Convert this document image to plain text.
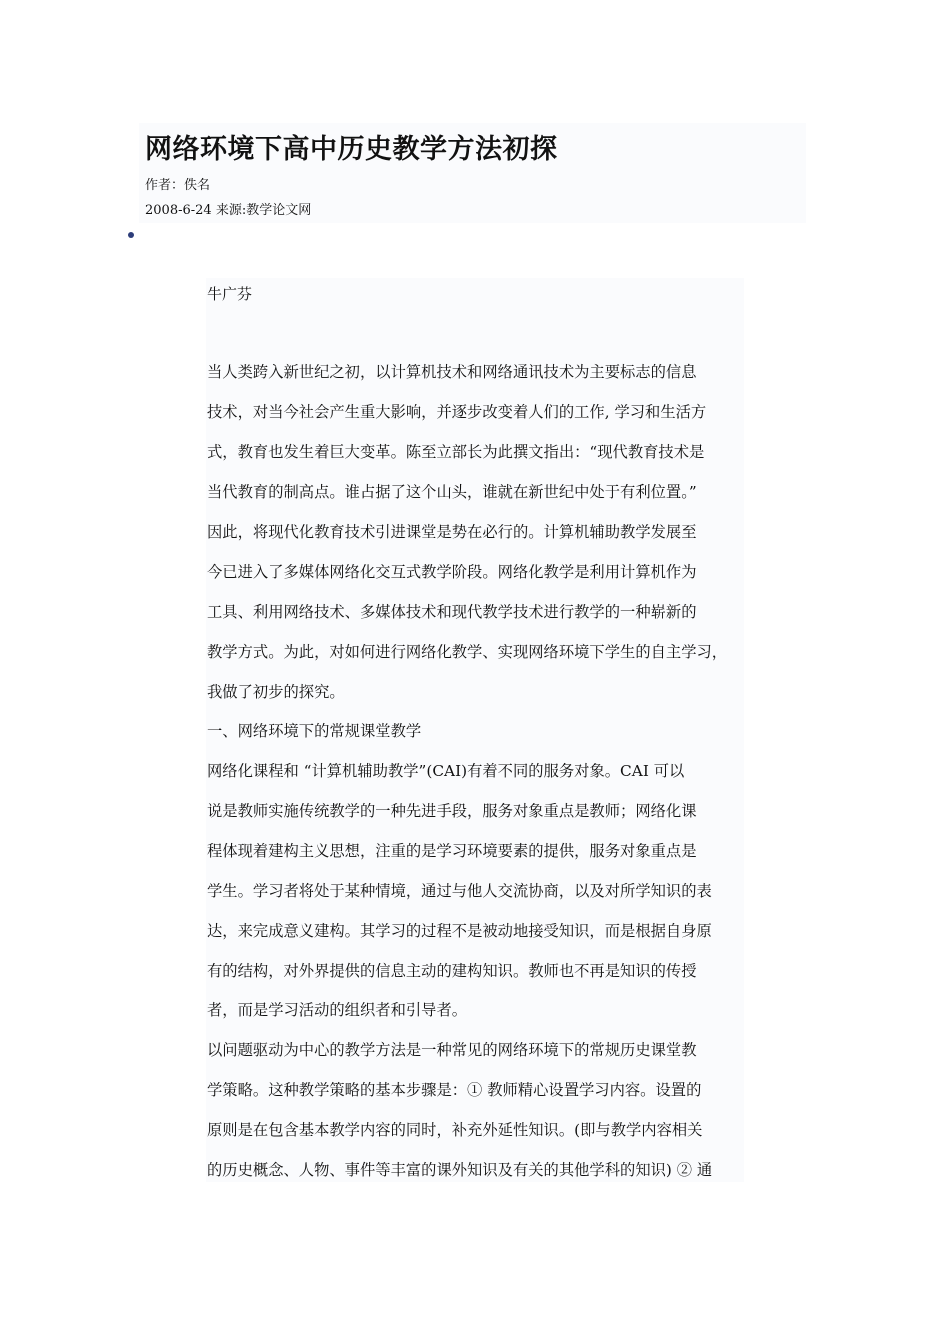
网络环境下高中历史教学方法初探
作者：佚名
2008-6-24 来源:教学论文网
牛广芬
当人类跨入新世纪之初，以计算机技术和网络通讯技术为主要标志的信息
技术，对当今社会产生重大影响，并逐步改变着人们的工作, 学习和生活方
式，教育也发生着巨大变革。陈至立部长为此撰文指出：“现代教育技术是
当代教育的制高点。谁占据了这个山头，谁就在新世纪中处于有利位置。”
因此，将现代化教育技术引进课堂是势在必行的。计算机辅助教学发展至
今已进入了多媒体网络化交互式教学阶段。网络化教学是利用计算机作为
工具、利用网络技术、多媒体技术和现代教学技术进行教学的一种崭新的
教学方式。为此，对如何进行网络化教学、实现网络环境下学生的自主学习，
我做了初步的探究。
一、网络环境下的常规课堂教学
网络化课程和 “计算机辅助教学”(CAI)有着不同的服务对象。CAI 可以
说是教师实施传统教学的一种先进手段，服务对象重点是教师；网络化课
程体现着建构主义思想，注重的是学习环境要素的提供，服务对象重点是
学生。学习者将处于某种情境，通过与他人交流协商，以及对所学知识的表
达，来完成意义建构。其学习的过程不是被动地接受知识，而是根据自身原
有的结构，对外界提供的信息主动的建构知识。教师也不再是知识的传授
者，而是学习活动的组织者和引导者。
以问题驱动为中心的教学方法是一种常见的网络环境下的常规历史课堂教
学策略。这种教学策略的基本步骤是：① 教师精心设置学习内容。设置的
原则是在包含基本教学内容的同时，补充外延性知识。(即与教学内容相关
的历史概念、人物、事件等丰富的课外知识及有关的其他学科的知识) ② 通
